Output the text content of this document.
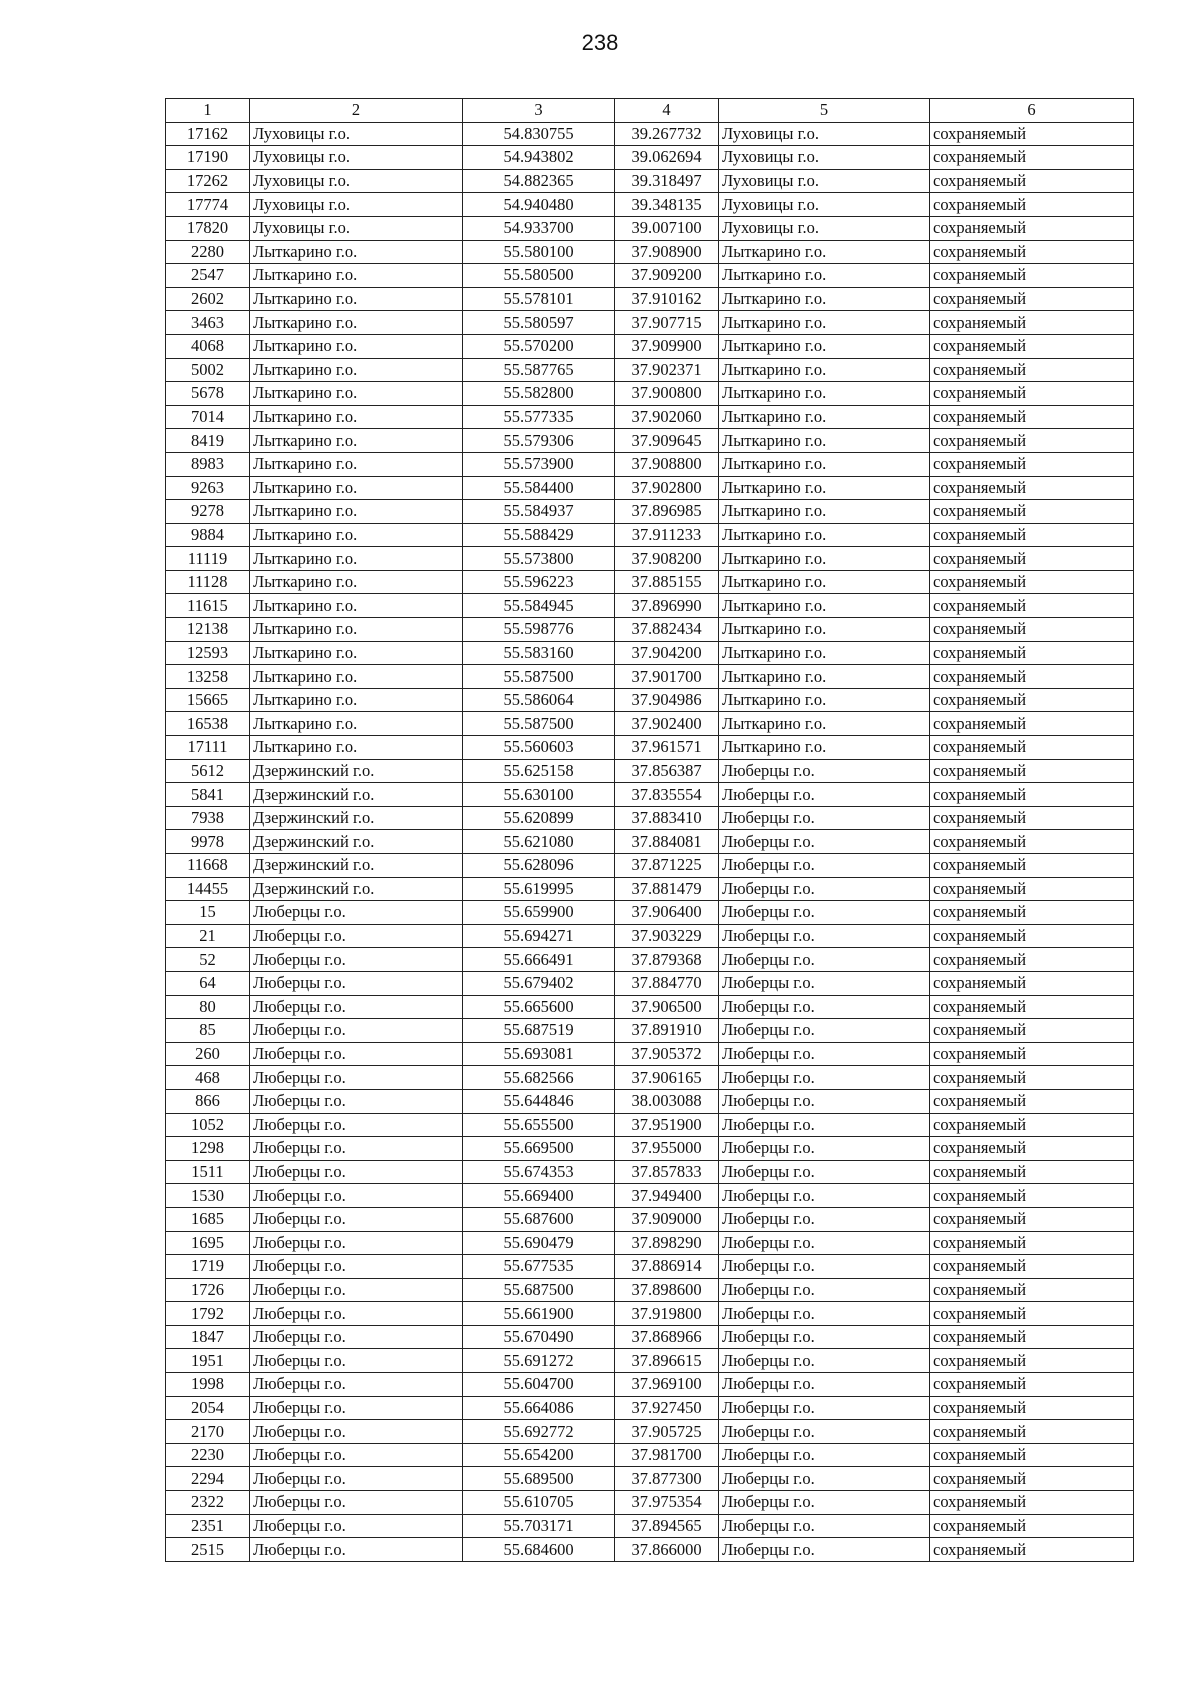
238
1	2	3	4	5	6
17162	Луховицы г.о.	54.830755	39.267732	Луховицы г.о.	сохраняемый
17190	Луховицы г.о.	54.943802	39.062694	Луховицы г.о.	сохраняемый
17262	Луховицы г.о.	54.882365	39.318497	Луховицы г.о.	сохраняемый
17774	Луховицы г.о.	54.940480	39.348135	Луховицы г.о.	сохраняемый
17820	Луховицы г.о.	54.933700	39.007100	Луховицы г.о.	сохраняемый
2280	Лыткарино г.о.	55.580100	37.908900	Лыткарино г.о.	сохраняемый
2547	Лыткарино г.о.	55.580500	37.909200	Лыткарино г.о.	сохраняемый
2602	Лыткарино г.о.	55.578101	37.910162	Лыткарино г.о.	сохраняемый
3463	Лыткарино г.о.	55.580597	37.907715	Лыткарино г.о.	сохраняемый
4068	Лыткарино г.о.	55.570200	37.909900	Лыткарино г.о.	сохраняемый
5002	Лыткарино г.о.	55.587765	37.902371	Лыткарино г.о.	сохраняемый
5678	Лыткарино г.о.	55.582800	37.900800	Лыткарино г.о.	сохраняемый
7014	Лыткарино г.о.	55.577335	37.902060	Лыткарино г.о.	сохраняемый
8419	Лыткарино г.о.	55.579306	37.909645	Лыткарино г.о.	сохраняемый
8983	Лыткарино г.о.	55.573900	37.908800	Лыткарино г.о.	сохраняемый
9263	Лыткарино г.о.	55.584400	37.902800	Лыткарино г.о.	сохраняемый
9278	Лыткарино г.о.	55.584937	37.896985	Лыткарино г.о.	сохраняемый
9884	Лыткарино г.о.	55.588429	37.911233	Лыткарино г.о.	сохраняемый
11119	Лыткарино г.о.	55.573800	37.908200	Лыткарино г.о.	сохраняемый
11128	Лыткарино г.о.	55.596223	37.885155	Лыткарино г.о.	сохраняемый
11615	Лыткарино г.о.	55.584945	37.896990	Лыткарино г.о.	сохраняемый
12138	Лыткарино г.о.	55.598776	37.882434	Лыткарино г.о.	сохраняемый
12593	Лыткарино г.о.	55.583160	37.904200	Лыткарино г.о.	сохраняемый
13258	Лыткарино г.о.	55.587500	37.901700	Лыткарино г.о.	сохраняемый
15665	Лыткарино г.о.	55.586064	37.904986	Лыткарино г.о.	сохраняемый
16538	Лыткарино г.о.	55.587500	37.902400	Лыткарино г.о.	сохраняемый
17111	Лыткарино г.о.	55.560603	37.961571	Лыткарино г.о.	сохраняемый
5612	Дзержинский г.о.	55.625158	37.856387	Люберцы г.о.	сохраняемый
5841	Дзержинский г.о.	55.630100	37.835554	Люберцы г.о.	сохраняемый
7938	Дзержинский г.о.	55.620899	37.883410	Люберцы г.о.	сохраняемый
9978	Дзержинский г.о.	55.621080	37.884081	Люберцы г.о.	сохраняемый
11668	Дзержинский г.о.	55.628096	37.871225	Люберцы г.о.	сохраняемый
14455	Дзержинский г.о.	55.619995	37.881479	Люберцы г.о.	сохраняемый
15	Люберцы г.о.	55.659900	37.906400	Люберцы г.о.	сохраняемый
21	Люберцы г.о.	55.694271	37.903229	Люберцы г.о.	сохраняемый
52	Люберцы г.о.	55.666491	37.879368	Люберцы г.о.	сохраняемый
64	Люберцы г.о.	55.679402	37.884770	Люберцы г.о.	сохраняемый
80	Люберцы г.о.	55.665600	37.906500	Люберцы г.о.	сохраняемый
85	Люберцы г.о.	55.687519	37.891910	Люберцы г.о.	сохраняемый
260	Люберцы г.о.	55.693081	37.905372	Люберцы г.о.	сохраняемый
468	Люберцы г.о.	55.682566	37.906165	Люберцы г.о.	сохраняемый
866	Люберцы г.о.	55.644846	38.003088	Люберцы г.о.	сохраняемый
1052	Люберцы г.о.	55.655500	37.951900	Люберцы г.о.	сохраняемый
1298	Люберцы г.о.	55.669500	37.955000	Люберцы г.о.	сохраняемый
1511	Люберцы г.о.	55.674353	37.857833	Люберцы г.о.	сохраняемый
1530	Люберцы г.о.	55.669400	37.949400	Люберцы г.о.	сохраняемый
1685	Люберцы г.о.	55.687600	37.909000	Люберцы г.о.	сохраняемый
1695	Люберцы г.о.	55.690479	37.898290	Люберцы г.о.	сохраняемый
1719	Люберцы г.о.	55.677535	37.886914	Люберцы г.о.	сохраняемый
1726	Люберцы г.о.	55.687500	37.898600	Люберцы г.о.	сохраняемый
1792	Люберцы г.о.	55.661900	37.919800	Люберцы г.о.	сохраняемый
1847	Люберцы г.о.	55.670490	37.868966	Люберцы г.о.	сохраняемый
1951	Люберцы г.о.	55.691272	37.896615	Люберцы г.о.	сохраняемый
1998	Люберцы г.о.	55.604700	37.969100	Люберцы г.о.	сохраняемый
2054	Люберцы г.о.	55.664086	37.927450	Люберцы г.о.	сохраняемый
2170	Люберцы г.о.	55.692772	37.905725	Люберцы г.о.	сохраняемый
2230	Люберцы г.о.	55.654200	37.981700	Люберцы г.о.	сохраняемый
2294	Люберцы г.о.	55.689500	37.877300	Люберцы г.о.	сохраняемый
2322	Люберцы г.о.	55.610705	37.975354	Люберцы г.о.	сохраняемый
2351	Люберцы г.о.	55.703171	37.894565	Люберцы г.о.	сохраняемый
2515	Люберцы г.о.	55.684600	37.866000	Люберцы г.о.	сохраняемый
